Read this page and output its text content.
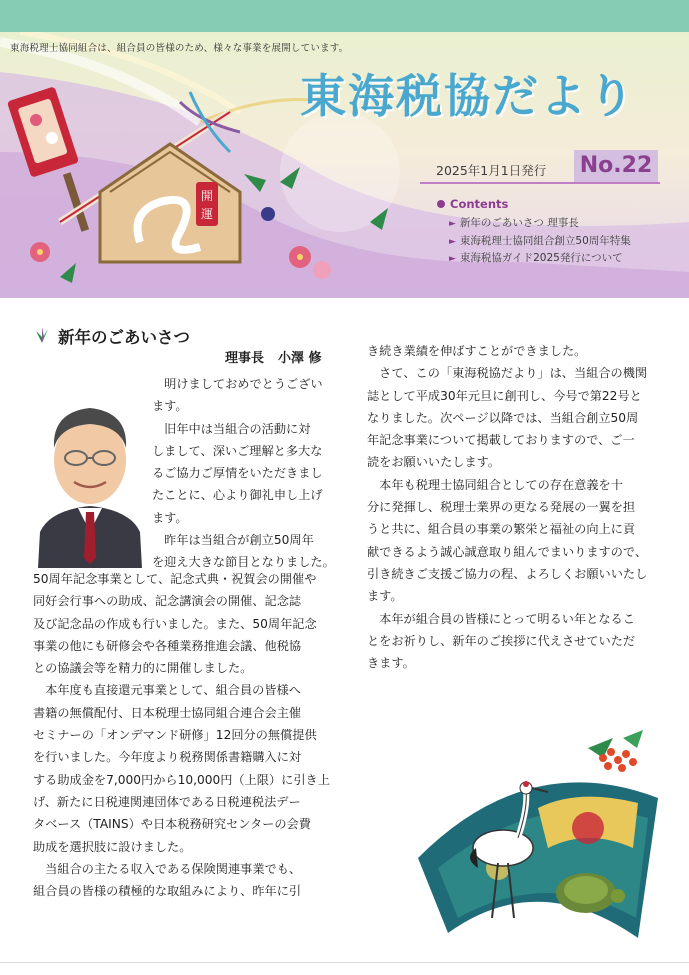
開
運
東海税理士協同組合は、組合員の皆様のため、様々な事業を展開しています。
東海税協だより
2025年1月1日発行 No.22
Contents
► 新年のごあいさつ 理事長
► 東海税理士協同組合創立50周年特集
► 東海税協ガイド2025発行について
新年のごあいさつ
理事長 小澤 修

　明けましておめでとうござい

ます。

　旧年中は当組合の活動に対

しまして、深いご理解と多大な

るご協力ご厚情をいただきまし

たことに、心より御礼申し上げ

ます。

　昨年は当組合が創立50周年

を迎え大きな節目となりました。

50周年記念事業として、記念式典・祝賀会の開催や

同好会行事への助成、記念講演会の開催、記念誌

及び記念品の作成も行いました。また、50周年記念

事業の他にも研修会や各種業務推進会議、他税協

との協議会等を精力的に開催しました。

　本年度も直接還元事業として、組合員の皆様へ

書籍の無償配付、日本税理士協同組合連合会主催

セミナーの「オンデマンド研修」12回分の無償提供

を行いました。今年度より税務関係書籍購入に対

する助成金を7,000円から10,000円（上限）に引き上

げ、新たに日税連関連団体である日税連税法デー

タベース（TAINS）や日本税務研究センターの会費

助成を選択肢に設けました。

　当組合の主たる収入である保険関連事業でも、

組合員の皆様の積極的な取組みにより、昨年に引

き続き業績を伸ばすことができました。

　さて、この「東海税協だより」は、当組合の機関

誌として平成30年元旦に創刊し、今号で第22号と

なりました。次ページ以降では、当組合創立50周

年記念事業について掲載しておりますので、ご一

読をお願いいたします。

　本年も税理士協同組合としての存在意義を十

分に発揮し、税理士業界の更なる発展の一翼を担

うと共に、組合員の事業の繁栄と福祉の向上に貢

献できるよう誠心誠意取り組んでまいりますので、

引き続きご支援ご協力の程、よろしくお願いいたし

ます。

　本年が組合員の皆様にとって明るい年となるこ

とをお祈りし、新年のご挨拶に代えさせていただ

きます。
